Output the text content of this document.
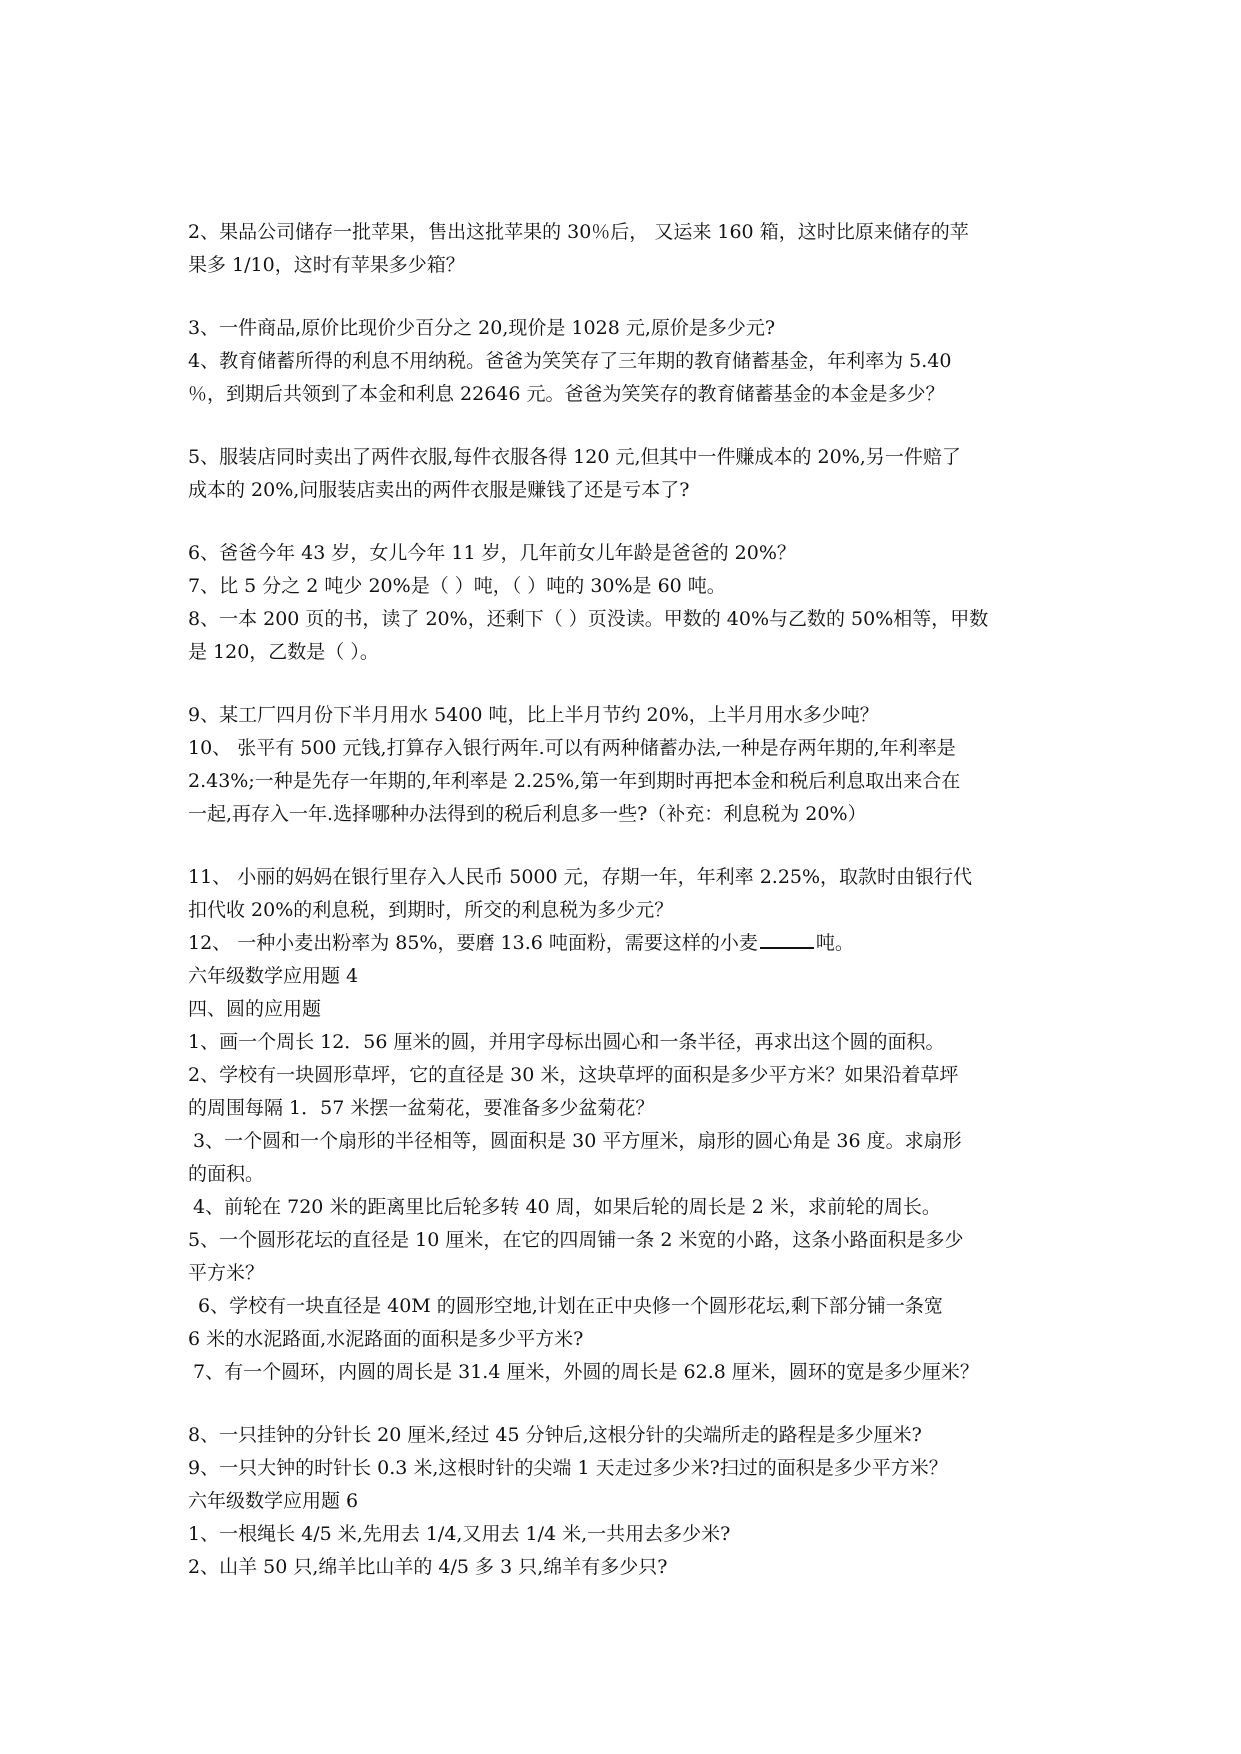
2、果品公司储存一批苹果，售出这批苹果的 30％后， 又运来 160 箱，这时比原来储存的苹
果多 1/10，这时有苹果多少箱？
3、一件商品,原价比现价少百分之 20,现价是 1028 元,原价是多少元?
4、教育储蓄所得的利息不用纳税。爸爸为笑笑存了三年期的教育储蓄基金，年利率为 5.40
％，到期后共领到了本金和利息 22646 元。爸爸为笑笑存的教育储蓄基金的本金是多少？
5、服装店同时卖出了两件衣服,每件衣服各得 120 元,但其中一件赚成本的 20%,另一件赔了
成本的 20%,问服装店卖出的两件衣服是赚钱了还是亏本了?
6、爸爸今年 43 岁，女儿今年 11 岁，几年前女儿年龄是爸爸的 20%？
7、比 5 分之 2 吨少 20%是（ ）吨，（ ）吨的 30%是 60 吨。
8、一本 200 页的书，读了 20%，还剩下（ ）页没读。甲数的 40%与乙数的 50%相等，甲数
是 120，乙数是（ ）。
9、某工厂四月份下半月用水 5400 吨，比上半月节约 20%，上半月用水多少吨？
10、 张平有 500 元钱,打算存入银行两年.可以有两种储蓄办法,一种是存两年期的,年利率是
2.43%;一种是先存一年期的,年利率是 2.25%,第一年到期时再把本金和税后利息取出来合在
一起,再存入一年.选择哪种办法得到的税后利息多一些?（补充：利息税为 20%）
11、 小丽的妈妈在银行里存入人民币 5000 元，存期一年，年利率 2.25%，取款时由银行代
扣代收 20%的利息税，到期时，所交的利息税为多少元？
12、 一种小麦出粉率为 85%，要磨 13.6 吨面粉，需要这样的小麦	吨。
六年级数学应用题 4
四、圆的应用题
1、画一个周长 12．56 厘米的圆，并用字母标出圆心和一条半径，再求出这个圆的面积。
2、学校有一块圆形草坪，它的直径是 30 米，这块草坪的面积是多少平方米？如果沿着草坪
的周围每隔 1．57 米摆一盆菊花，要准备多少盆菊花？
3、一个圆和一个扇形的半径相等，圆面积是 30 平方厘米，扇形的圆心角是 36 度。求扇形
的面积。
4、前轮在 720 米的距离里比后轮多转 40 周，如果后轮的周长是 2 米，求前轮的周长。
5、一个圆形花坛的直径是 10 厘米，在它的四周铺一条 2 米宽的小路，这条小路面积是多少
平方米？
6、学校有一块直径是 40M 的圆形空地,计划在正中央修一个圆形花坛,剩下部分铺一条宽
6 米的水泥路面,水泥路面的面积是多少平方米?
7、有一个圆环，内圆的周长是 31.4 厘米，外圆的周长是 62.8 厘米，圆环的宽是多少厘米？
8、一只挂钟的分针长 20 厘米,经过 45 分钟后,这根分针的尖端所走的路程是多少厘米?
9、一只大钟的时针长 0.3 米,这根时针的尖端 1 天走过多少米?扫过的面积是多少平方米？
六年级数学应用题 6
1、一根绳长 4/5 米,先用去 1/4,又用去 1/4 米,一共用去多少米?
2、山羊 50 只,绵羊比山羊的 4/5 多 3 只,绵羊有多少只?
